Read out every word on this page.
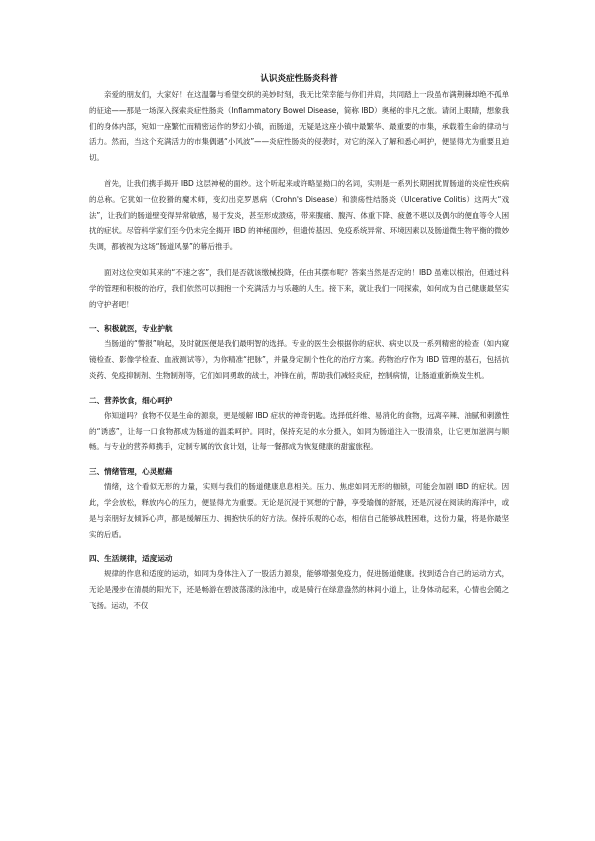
认识炎症性肠炎科普

亲爱的朋友们，大家好！在这温馨与希望交织的美妙时刻，我无比荣幸能与你们并肩，共同踏上一段虽布满荆棘却绝不孤单的征途——那是一场深入探索炎症性肠炎（Inflammatory Bowel Disease，简称 IBD）奥秘的非凡之旅。请闭上眼睛，想象我们的身体内部，宛如一座繁忙而精密运作的梦幻小镇，而肠道，无疑是这座小镇中最繁华、最重要的市集，承载着生命的律动与活力。然而，当这个充满活力的市集偶遇“小风波”——炎症性肠炎的侵袭时，对它的深入了解和悉心呵护，便显得尤为重要且迫切。

首先，让我们携手揭开 IBD 这层神秘的面纱。这个听起来或许略显拗口的名词，实则是一系列长期困扰胃肠道的炎症性疾病的总称。它犹如一位狡猾的魔术师，变幻出克罗恩病（Crohn's Disease）和溃疡性结肠炎（Ulcerative Colitis）这两大“戏法”，让我们的肠道壁变得异常敏感，易于发炎，甚至形成溃疡，带来腹痛、腹泻、体重下降、疲惫不堪以及偶尔的便血等令人困扰的症状。尽管科学家们至今仍未完全揭开 IBD 的神秘面纱，但遗传基因、免疫系统异常、环境因素以及肠道微生物平衡的微妙失调，都被视为这场“肠道风暴”的幕后推手。

面对这位突如其来的“不速之客”，我们是否就该缴械投降，任由其摆布呢？答案当然是否定的！IBD 虽难以根治，但通过科学的管理和积极的治疗，我们依然可以拥抱一个充满活力与乐趣的人生。接下来，就让我们一同探索，如何成为自己健康最坚实的守护者吧！

一、积极就医，专业护航

当肠道的“警报”响起，及时就医便是我们最明智的选择。专业的医生会根据你的症状、病史以及一系列精密的检查（如内窥镜检查、影像学检查、血液测试等），为你精准“把脉”，并量身定制个性化的治疗方案。药物治疗作为 IBD 管理的基石，包括抗炎药、免疫抑制剂、生物制剂等，它们如同勇敢的战士，冲锋在前，帮助我们减轻炎症，控制病情，让肠道重新焕发生机。

二、营养饮食，细心呵护

你知道吗？食物不仅是生命的源泉，更是缓解 IBD 症状的神奇钥匙。选择低纤维、易消化的食物，远离辛辣、油腻和刺激性的“诱惑”，让每一口食物都成为肠道的温柔呵护。同时，保持充足的水分摄入，如同为肠道注入一股清泉，让它更加滋润与顺畅。与专业的营养师携手，定制专属的饮食计划，让每一餐都成为恢复健康的甜蜜旅程。

三、情绪管理，心灵慰藉

情绪，这个看似无形的力量，实则与我们的肠道健康息息相关。压力、焦虑如同无形的枷锁，可能会加剧 IBD 的症状。因此，学会放松，释放内心的压力，便显得尤为重要。无论是沉浸于冥想的宁静，享受瑜伽的舒展，还是沉浸在阅读的海洋中，或是与亲朋好友倾诉心声，都是缓解压力、拥抱快乐的好方法。保持乐观的心态，相信自己能够战胜困难，这份力量，将是你最坚实的后盾。

四、生活规律，适度运动

规律的作息和适度的运动，如同为身体注入了一股活力源泉，能够增强免疫力，促进肠道健康。找到适合自己的运动方式，无论是漫步在清晨的阳光下，还是畅游在碧波荡漾的泳池中，或是骑行在绿意盎然的林间小道上，让身体动起来，心情也会随之飞扬。运动，不仅
